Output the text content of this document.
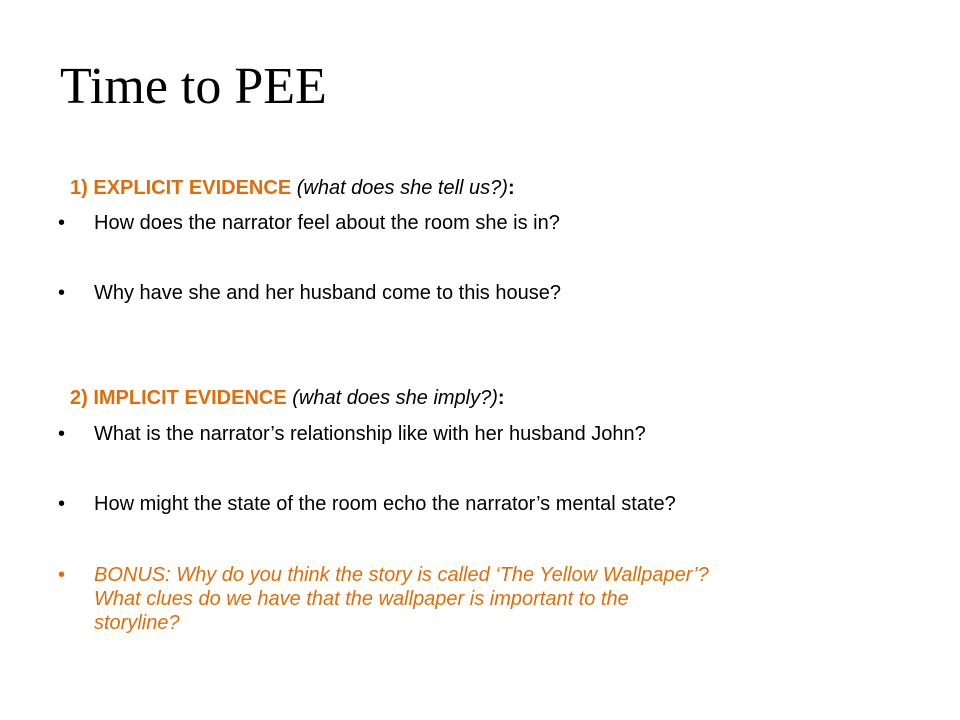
Time to PEE
1) EXPLICIT EVIDENCE (what does she tell us?):
•	How does the narrator feel about the room she is in?
•	Why have she and her husband come to this house?
2) IMPLICIT EVIDENCE (what does she imply?):
•	What is the narrator’s relationship like with her husband John?
•	How might the state of the room echo the narrator’s mental state?
•	BONUS: Why do you think the story is called ‘The Yellow Wallpaper’?
What clues do we have that the wallpaper is important to the
storyline?
